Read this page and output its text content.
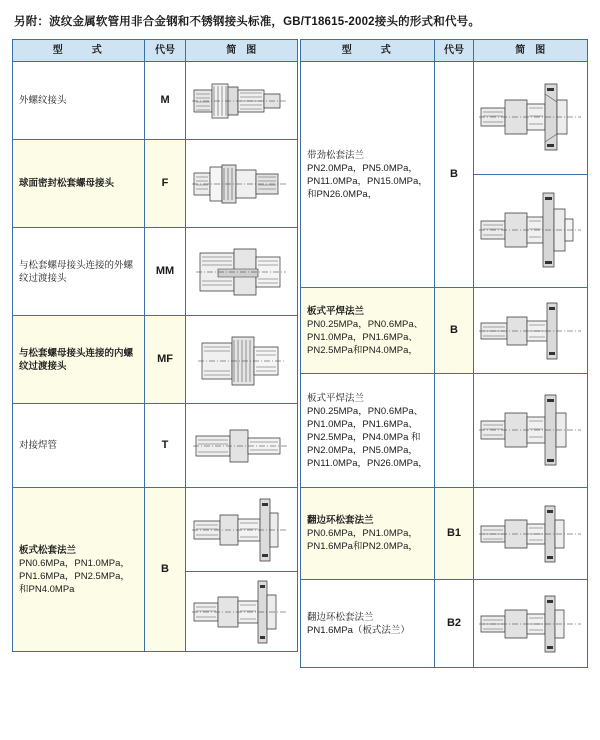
另附：波纹金属软管用非合金钢和不锈钢接头标准，GB/T18615-2002接头的形式和代号。
型　　式	代号	简　图

外螺纹接头	M	

球面密封松套螺母接头	F	

与松套螺母接头连接的外螺纹过渡接头	MM	

与松套螺母接头连接的内螺纹过渡接头	MF	

对接焊管	T	

板式松套法兰
PN0.6MPa，PN1.0MPa，PN1.6MPa，PN2.5MPa，和PN4.0MPa	B	

型　　式	代号	简　图

带劲松套法兰
PN2.0MPa，PN5.0MPa，PN11.0MPa，PN15.0MPa，和PN26.0MPa，	B	

板式平焊法兰
PN0.25MPa，PN0.6MPa、PN1.0MPa，PN1.6MPa、PN2.5MPa和PN4.0MPa，	B	

板式平焊法兰
PN0.25MPa，PN0.6MPa、PN1.0MPa，PN1.6MPa、PN2.5MPa，PN4.0MPa 和PN2.0MPa，PN5.0MPa，PN11.0MPa，PN26.0MPa，

翻边环松套法兰
PN0.6MPa，PN1.0MPa，PN1.6MPa和PN2.0MPa，	B1	

翻边环松套法兰
PN1.6MPa（板式法兰）	B2	
